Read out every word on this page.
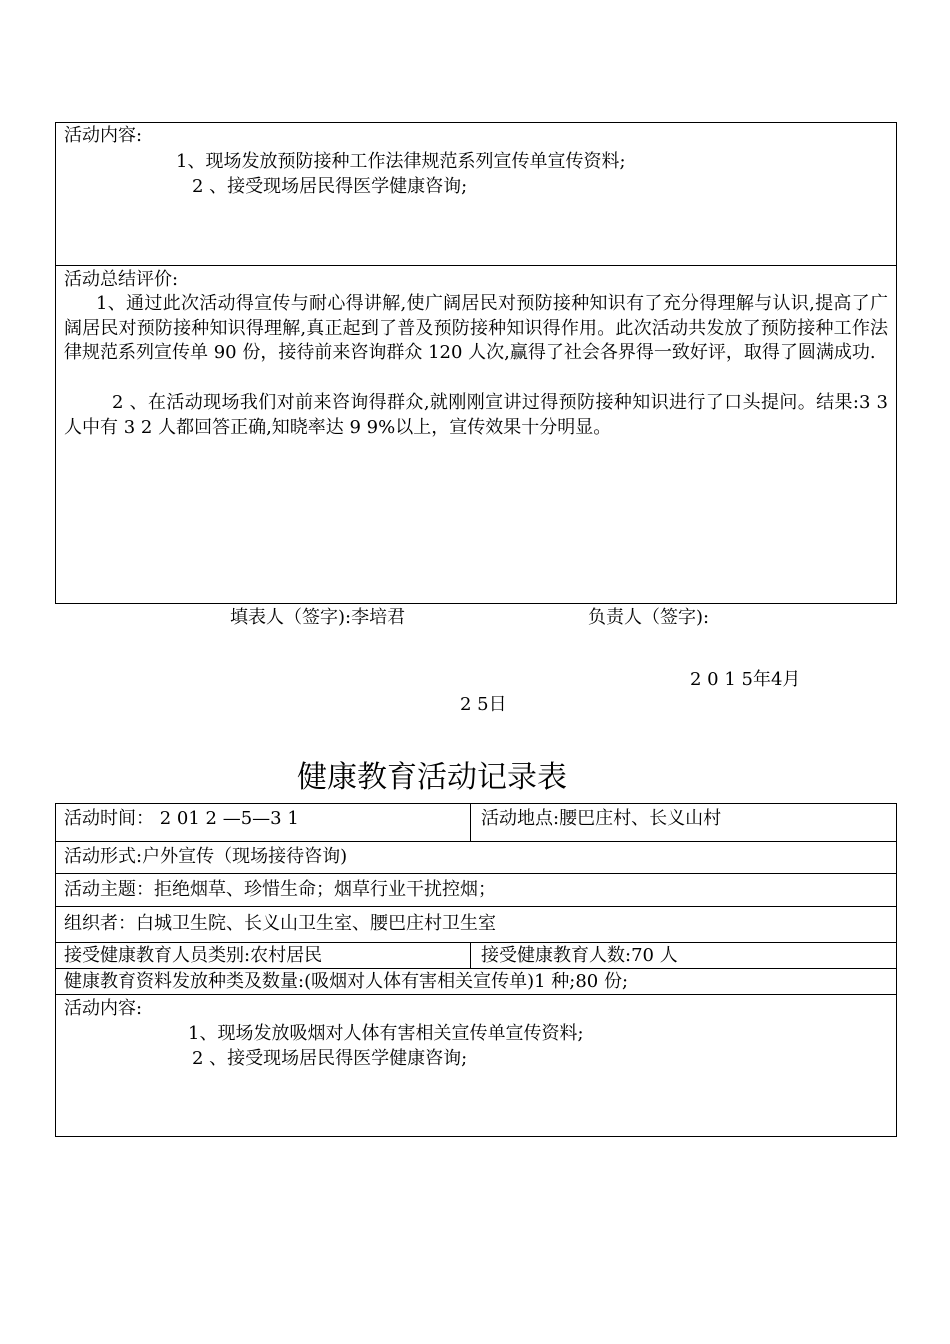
活动内容:
1、现场发放预防接种工作法律规范系列宣传单宣传资料;
2 、接受现场居民得医学健康咨询;
活动总结评价:
1、通过此次活动得宣传与耐心得讲解,使广阔居民对预防接种知识有了充分得理解与认识,提高了广阔居民对预防接种知识得理解,真正起到了普及预防接种知识得作用。此次活动共发放了预防接种工作法律规范系列宣传单 90 份，接待前来咨询群众 120 人次,赢得了社会各界得一致好评，取得了圆满成功.
2 、在活动现场我们对前来咨询得群众,就刚刚宣讲过得预防接种知识进行了口头提问。结果:3 3 人中有 3 2 人都回答正确,知晓率达 9 9%以上，宣传效果十分明显。
填表人（签字):李培君	负责人（签字):
2 0 1 5年4月
2 5日
健康教育活动记录表
活动时间： 2 01 2 —5—3 1	活动地点:腰巴庄村、长义山村
活动形式:户外宣传（现场接待咨询)
活动主题：拒绝烟草、珍惜生命；烟草行业干扰控烟；
组织者：白城卫生院、长义山卫生室、腰巴庄村卫生室
接受健康教育人员类别:农村居民	接受健康教育人数:70 人
健康教育资料发放种类及数量:(吸烟对人体有害相关宣传单)1 种;80 份;
活动内容:
1、现场发放吸烟对人体有害相关宣传单宣传资料;
2 、接受现场居民得医学健康咨询;
